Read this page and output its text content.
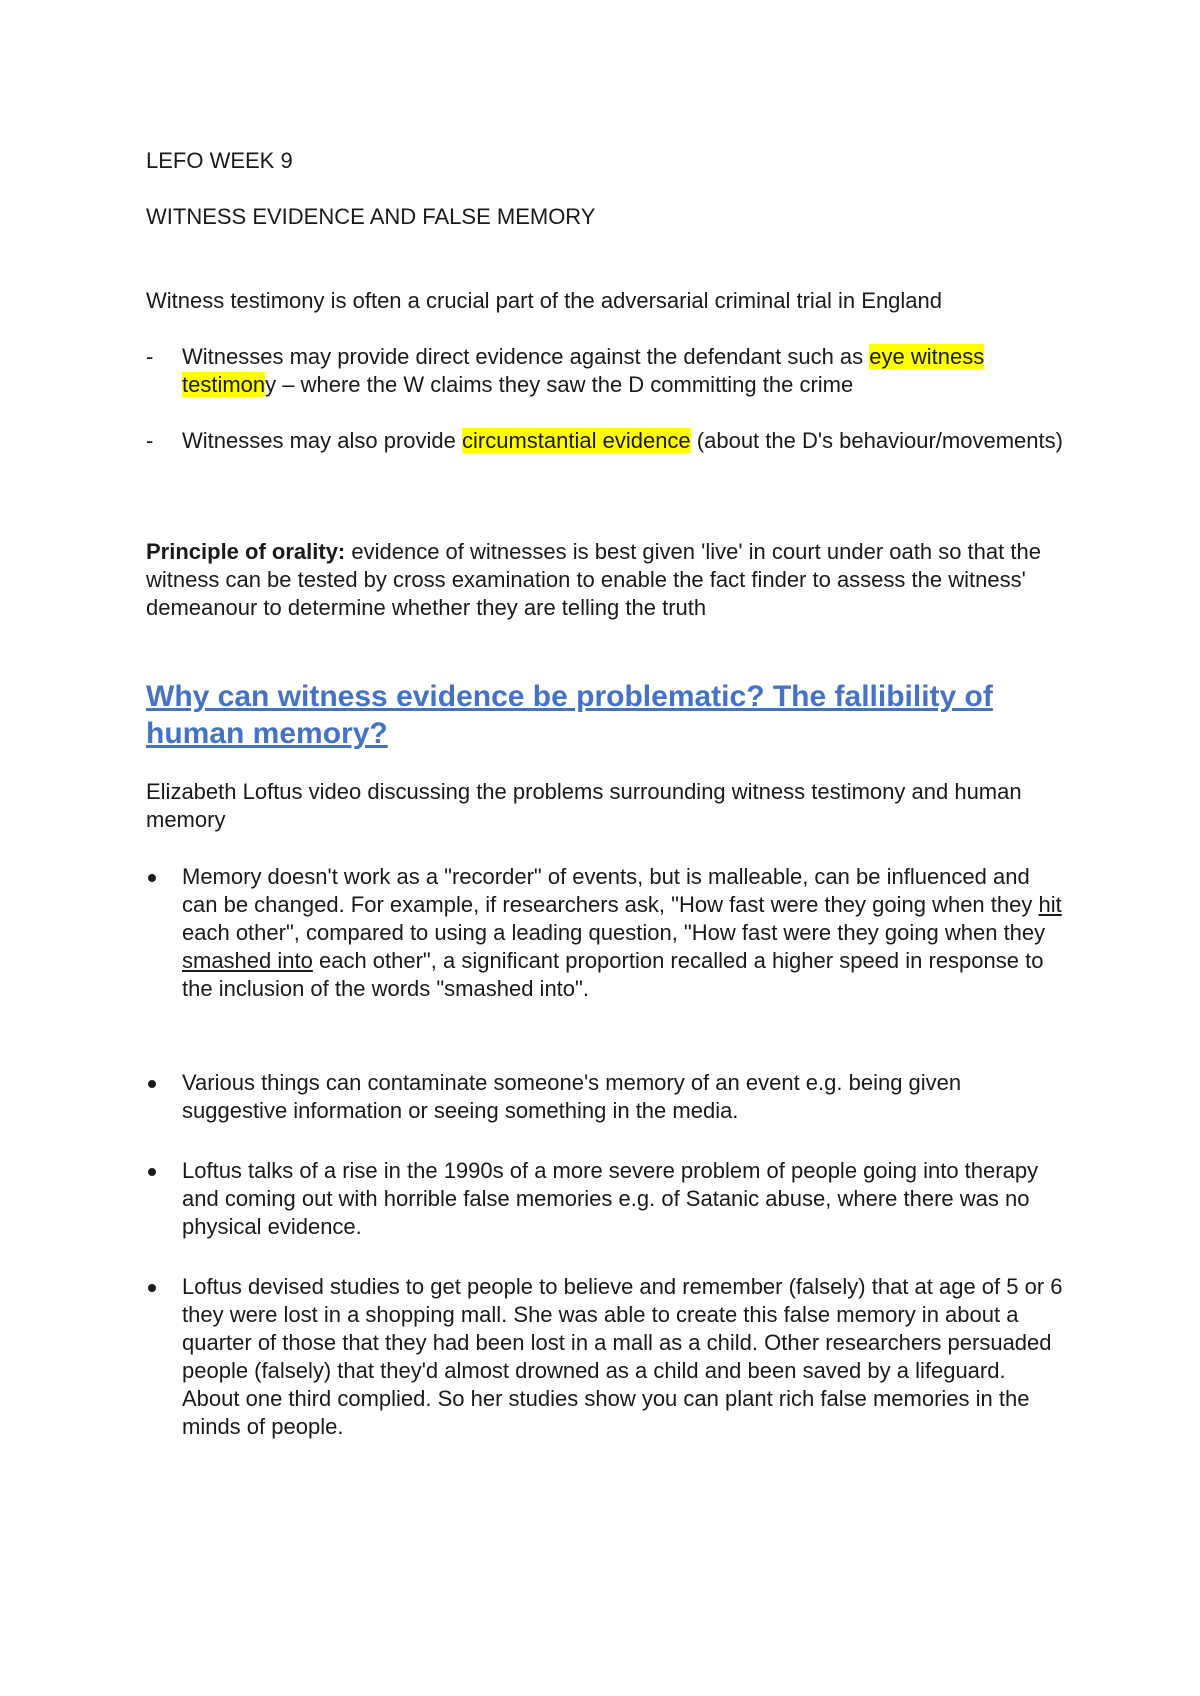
LEFO WEEK 9

WITNESS EVIDENCE AND FALSE MEMORY

Witness testimony is often a crucial part of the adversarial criminal trial in England

- Witnesses may provide direct evidence against the defendant such as eye witness testimony – where the W claims they saw the D committing the crime
- Witnesses may also provide circumstantial evidence (about the D's behaviour/movements)

Principle of orality: evidence of witnesses is best given 'live' in court under oath so that the witness can be tested by cross examination to enable the fact finder to assess the witness' demeanour to determine whether they are telling the truth

Why can witness evidence be problematic? The fallibility of human memory?

Elizabeth Loftus video discussing the problems surrounding witness testimony and human memory

Memory doesn't work as a "recorder" of events, but is malleable, can be influenced and can be changed. For example, if researchers ask, "How fast were they going when they hit each other", compared to using a leading question, "How fast were they going when they smashed into each other", a significant proportion recalled a higher speed in response to the inclusion of the words "smashed into".
Various things can contaminate someone's memory of an event e.g. being given suggestive information or seeing something in the media.
Loftus talks of a rise in the 1990s of a more severe problem of people going into therapy and coming out with horrible false memories e.g. of Satanic abuse, where there was no physical evidence.
Loftus devised studies to get people to believe and remember (falsely) that at age of 5 or 6 they were lost in a shopping mall. She was able to create this false memory in about a quarter of those that they had been lost in a mall as a child. Other researchers persuaded people (falsely) that they'd almost drowned as a child and been saved by a lifeguard. About one third complied. So her studies show you can plant rich false memories in the minds of people.
